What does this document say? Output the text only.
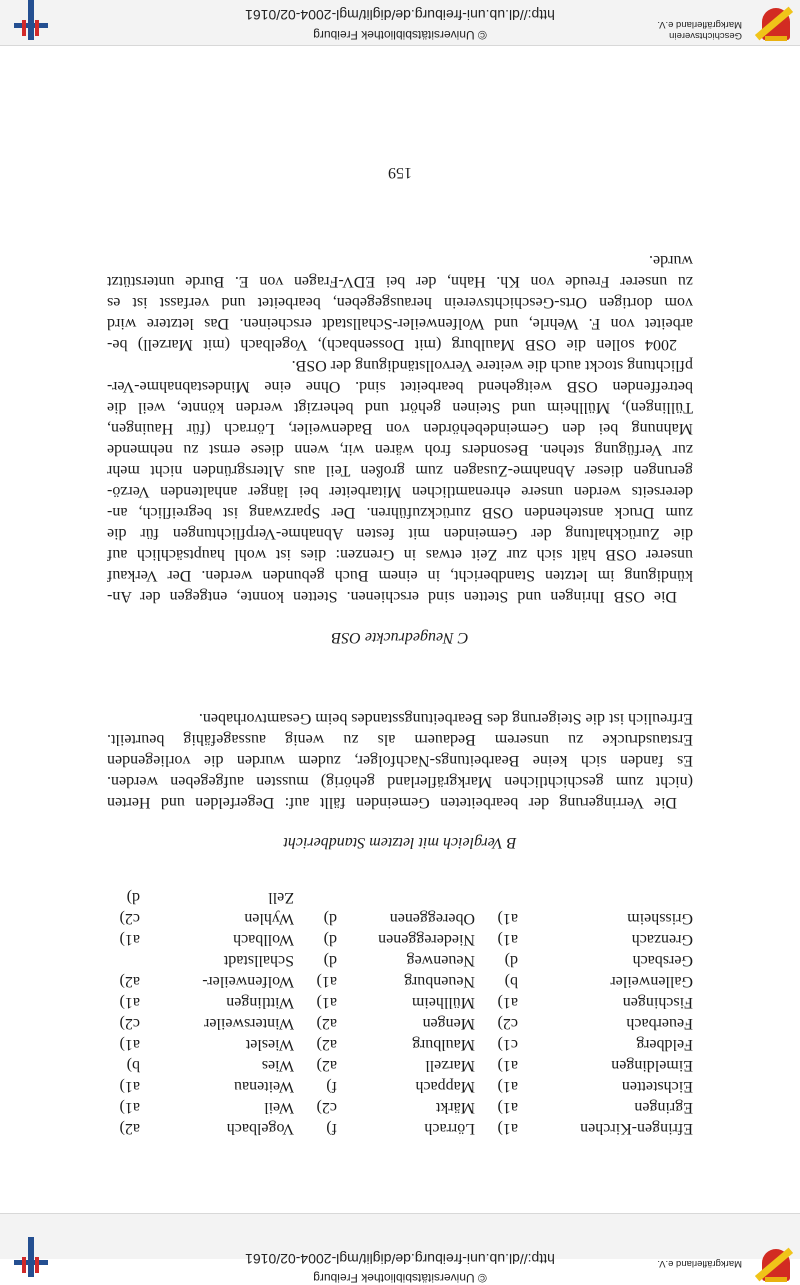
© Universitätsbibliothek Freiburg
http://dl.ub.uni-freiburg.de/diglit/mgl-2004-02/0161
Geschichtsverein
Markgräflerland e.V.
http://dl.ub.uni-freiburg.de/diglit/mgl-2004-02/0161
© Universitätsbibliothek Freiburg
Markgräflerland e.V.
Efringen-Kirchen
a1)
Lörrach
f)
Vogelbach
a2)
Egringen
a1)
Märkt
c2)
Weil
a1)
Eichstetten
a1)
Mappach
f)
Weitenau
a1)
Eimeldingen
a1)
Marzell
a2)
Wies
b)
Feldberg
c1)
Maulburg
a2)
Wieslet
a1)
Feuerbach
c2)
Mengen
a2)
Wintersweiler
c2)
Fischingen
a1)
Müllheim
a1)
Wittlingen
a1)
Gallenweiler
b)
Neuenburg
a1)
Wolfenweiler-
a2)
Gersbach
d)
Neuenweg
d)
Schallstadt
Grenzach
a1)
Niedereggenen
d)
Wollbach
a1)
Grissheim
a1)
Obereggenen
d)
Wyhlen
c2)
Zell
d)
B Vergleich mit letztem Standbericht
Die Verringerung der bearbeiteten Gemeinden fällt auf: Degerfelden und Herten
(nicht zum geschichtlichen Markgräflerland gehörig) mussten aufgegeben werden.
Es fanden sich keine Bearbeitungs-Nachfolger, zudem wurden die vorliegenden
Erstausdrucke zu unserem Bedauern als zu wenig aussagefähig beurteilt.
Erfreulich ist die Steigerung des Bearbeitungsstandes beim Gesamtvorhaben.
C Neugedruckte OSB
Die OSB Ihringen und Stetten sind erschienen. Stetten konnte, entgegen der An-
kündigung im letzten Standbericht, in einem Buch gebunden werden. Der Verkauf
unserer OSB hält sich zur Zeit etwas in Grenzen: dies ist wohl hauptsächlich auf
die Zurückhaltung der Gemeinden mit festen Abnahme-Verpflichtungen für die
zum Druck anstehenden OSB zurückzuführen. Der Sparzwang ist begreiflich, an-
dererseits werden unsere ehrenamtlichen Mitarbeiter bei länger anhaltenden Verzö-
gerungen dieser Abnahme-Zusagen zum großen Teil aus Altersgründen nicht mehr
zur Verfügung stehen. Besonders froh wären wir, wenn diese ernst zu nehmende
Mahnung bei den Gemeindebehörden von Badenweiler, Lörrach (für Hauingen,
Tüllingen), Müllheim und Steinen gehört und beherzigt werden könnte, weil die
betreffenden OSB weitgehend bearbeitet sind. Ohne eine Mindestabnahme-Ver-
pflichtung stockt auch die weitere Vervollständigung der OSB.
2004 sollen die OSB Maulburg (mit Dossenbach), Vogelbach (mit Marzell) be-
arbeitet von F. Wehrle, und Wolfenweiler-Schallstadt erscheinen. Das letztere wird
vom dortigen Orts-Geschichtsverein herausgegeben, bearbeitet und verfasst ist es
zu unserer Freude von Kh. Hahn, der bei EDV-Fragen von E. Burde unterstützt
wurde.
159
